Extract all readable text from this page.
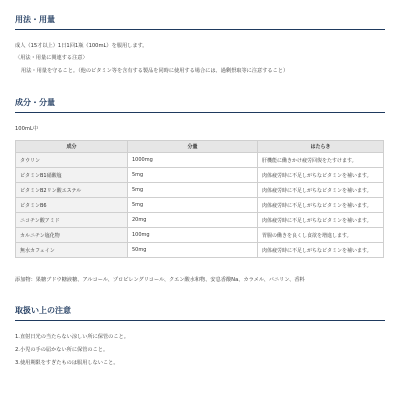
用法・用量
成人（15才以上）1日1回1瓶（100mL）を服用します。
〈用法・用量に関連する注意〉
用法・用量を守ること。（他のビタミン等を含有する製品を同時に使用する場合には、過剰摂取等に注意すること）
成分・分量
100mL中
成分	分量	はたらき
タウリン	1000mg	肝機能に働きかけ疲労回復をたすけます。
ビタミンB1硝酸塩	5mg	肉体疲労時に不足しがちなビタミンを補います。
ビタミンB2リン酸エステル	5mg	肉体疲労時に不足しがちなビタミンを補います。
ビタミンB6	5mg	肉体疲労時に不足しがちなビタミンを補います。
ニコチン酸アミド	20mg	肉体疲労時に不足しがちなビタミンを補います。
カルニチン塩化物	100mg	胃腸の働きを良くし食欲を増進します。
無水カフェイン	50mg	肉体疲労時に不足しがちなビタミンを補います。
添加物：果糖ブドウ糖液糖、アルコール、プロピレングリコール、クエン酸水和物、安息香酸Na、カラメル、バニリン、香料
取扱い上の注意
1.直射日光の当たらない涼しい所に保管のこと。
2.小児の手の届かない所に保管のこと。
3.使用期限をすぎたものは服用しないこと。
